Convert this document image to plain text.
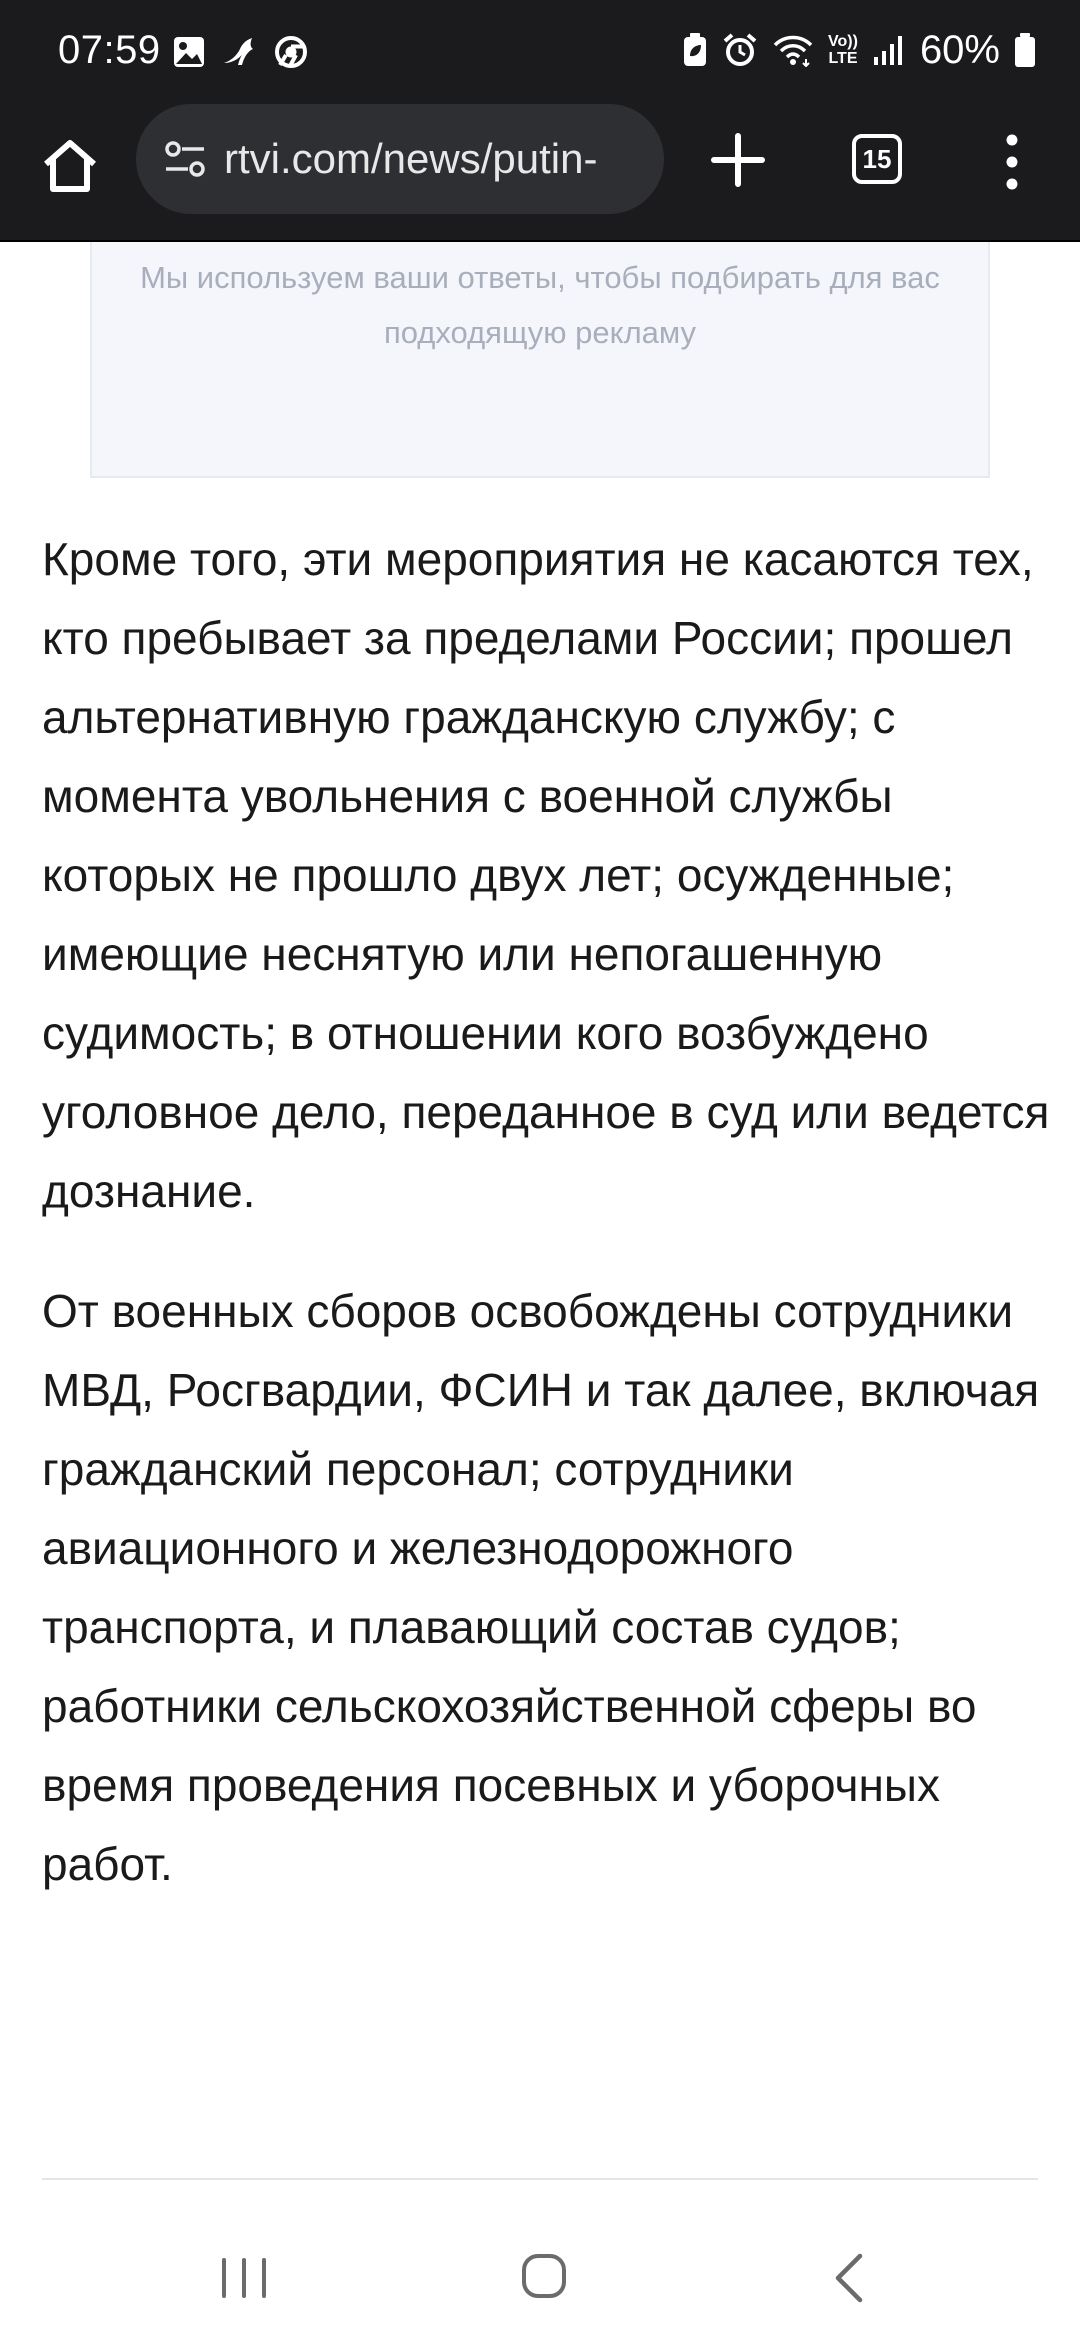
07:59	Vo))
LTE 60%
rtvi.com/news/putin-	15
Мы используем ваши ответы, чтобы подбирать для вас подходящую рекламу

Кроме того, эти мероприятия не касаются тех, кто пребывает за пределами России; прошел альтернативную гражданскую службу; с момента увольнения с военной службы которых не прошло двух лет; осужденные; имеющие неснятую или непогашенную судимость; в отношении кого возбуждено уголовное дело, переданное в суд или ведется дознание.

От военных сборов освобождены сотрудники МВД, Росгвардии, ФСИН и так далее, включая гражданский персонал; сотрудники авиационного и железнодорожного транспорта, и плавающий состав судов; работники сельскохозяйственной сферы во время проведения посевных и уборочных работ.
